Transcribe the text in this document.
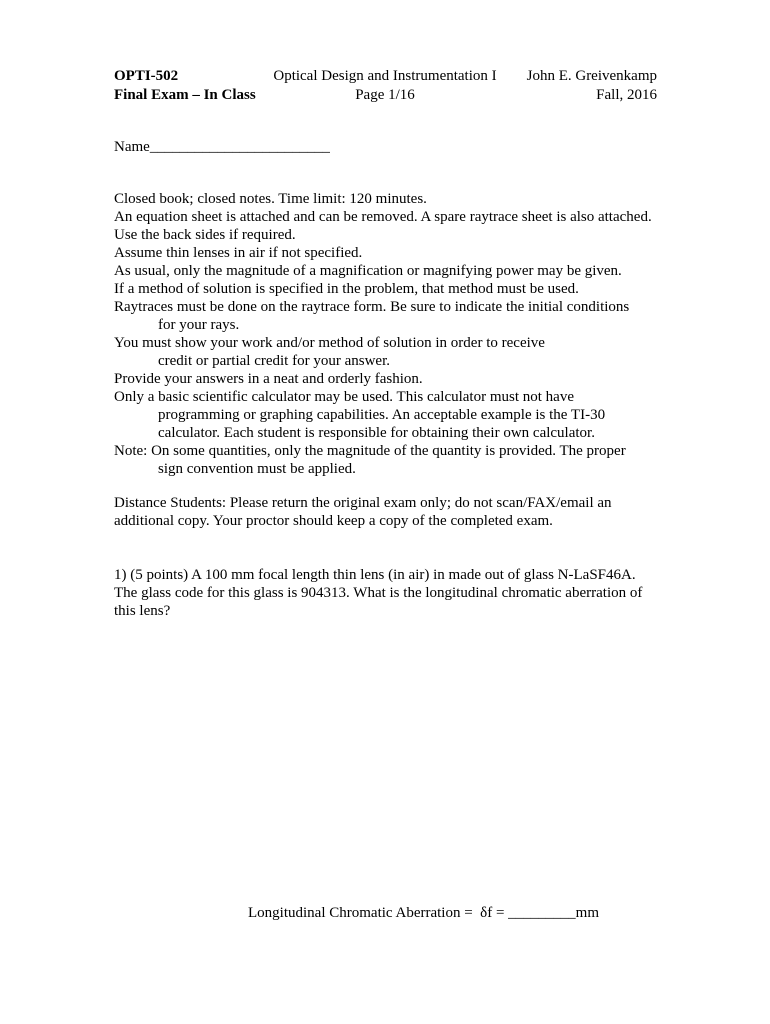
OPTI-502
Final Exam – In Class
Optical Design and Instrumentation I
Page 1/16
John E. Greivenkamp
Fall, 2016
Name________________________
Closed book; closed notes. Time limit: 120 minutes.
An equation sheet is attached and can be removed. A spare raytrace sheet is also attached.
Use the back sides if required.
Assume thin lenses in air if not specified.
As usual, only the magnitude of a magnification or magnifying power may be given.
If a method of solution is specified in the problem, that method must be used.
Raytraces must be done on the raytrace form. Be sure to indicate the initial conditions
for your rays.
You must show your work and/or method of solution in order to receive
credit or partial credit for your answer.
Provide your answers in a neat and orderly fashion.
Only a basic scientific calculator may be used. This calculator must not have
programming or graphing capabilities. An acceptable example is the TI-30
calculator. Each student is responsible for obtaining their own calculator.
Note: On some quantities, only the magnitude of the quantity is provided. The proper
sign convention must be applied.
Distance Students: Please return the original exam only; do not scan/FAX/email an
additional copy. Your proctor should keep a copy of the completed exam.
1) (5 points) A 100 mm focal length thin lens (in air) in made out of glass N-LaSF46A.
The glass code for this glass is 904313. What is the longitudinal chromatic aberration of
this lens?
Longitudinal Chromatic Aberration =  δf = _________mm
